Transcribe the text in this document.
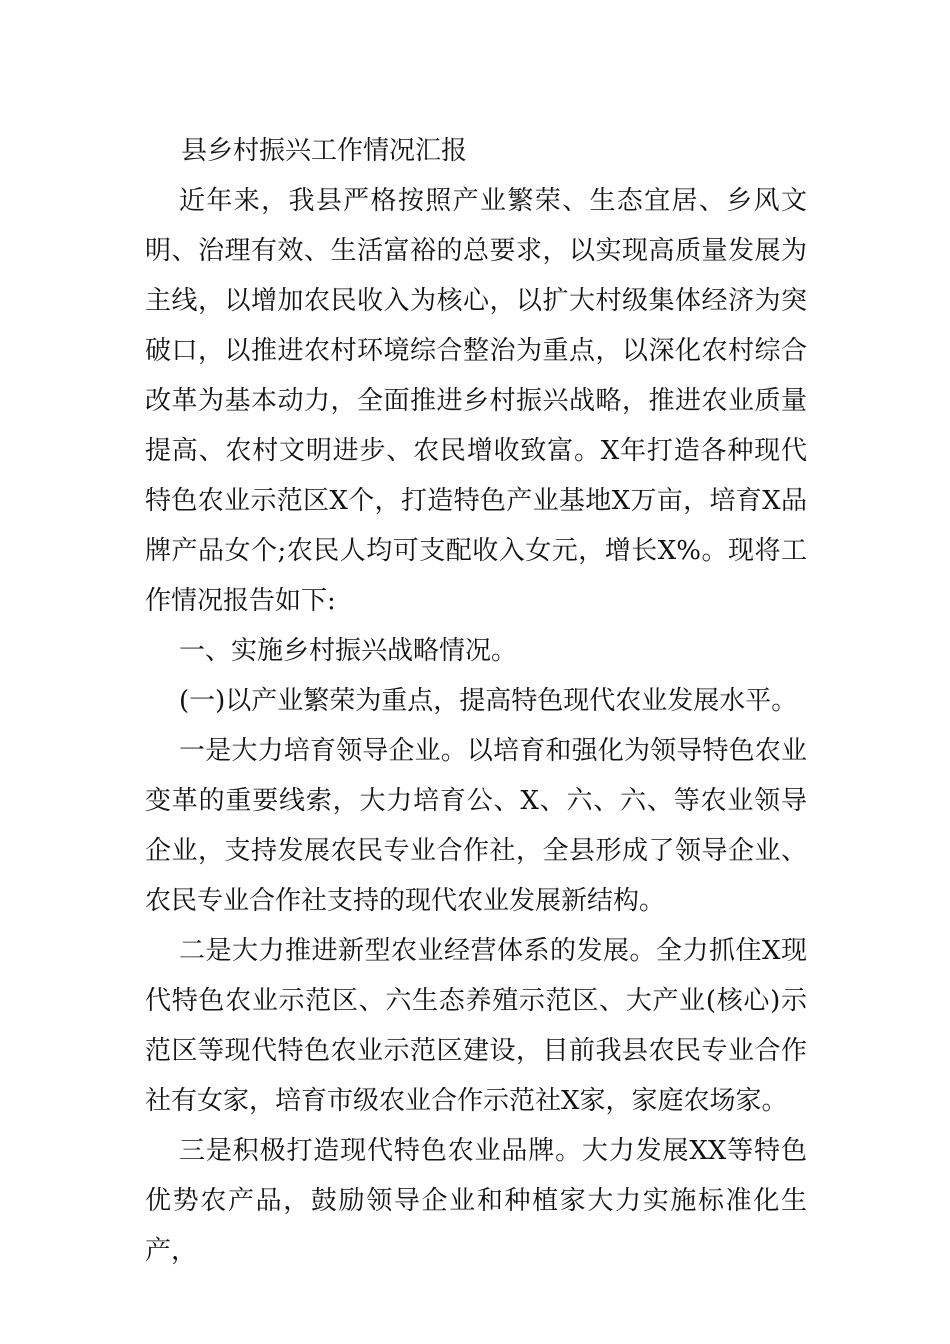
县乡村振兴工作情况汇报

近年来，我县严格按照产业繁荣、生态宜居、乡风文明、治理有效、生活富裕的总要求，以实现高质量发展为主线，以增加农民收入为核心，以扩大村级集体经济为突破口，以推进农村环境综合整治为重点，以深化农村综合改革为基本动力，全面推进乡村振兴战略，推进农业质量提高、农村文明进步、农民增收致富。X年打造各种现代特色农业示范区X个，打造特色产业基地X万亩，培育X品牌产品女个;农民人均可支配收入女元，增长X%。现将工作情况报告如下:

一、实施乡村振兴战略情况。

(一)以产业繁荣为重点，提高特色现代农业发展水平。

一是大力培育领导企业。以培育和强化为领导特色农业变革的重要线索，大力培育公、X、六、六、等农业领导企业，支持发展农民专业合作社，全县形成了领导企业、农民专业合作社支持的现代农业发展新结构。

二是大力推进新型农业经营体系的发展。全力抓住X现代特色农业示范区、六生态养殖示范区、大产业(核心)示范区等现代特色农业示范区建设，目前我县农民专业合作社有女家，培育市级农业合作示范社X家，家庭农场家。

三是积极打造现代特色农业品牌。大力发展XX等特色优势农产品，鼓励领导企业和种植家大力实施标准化生产，
